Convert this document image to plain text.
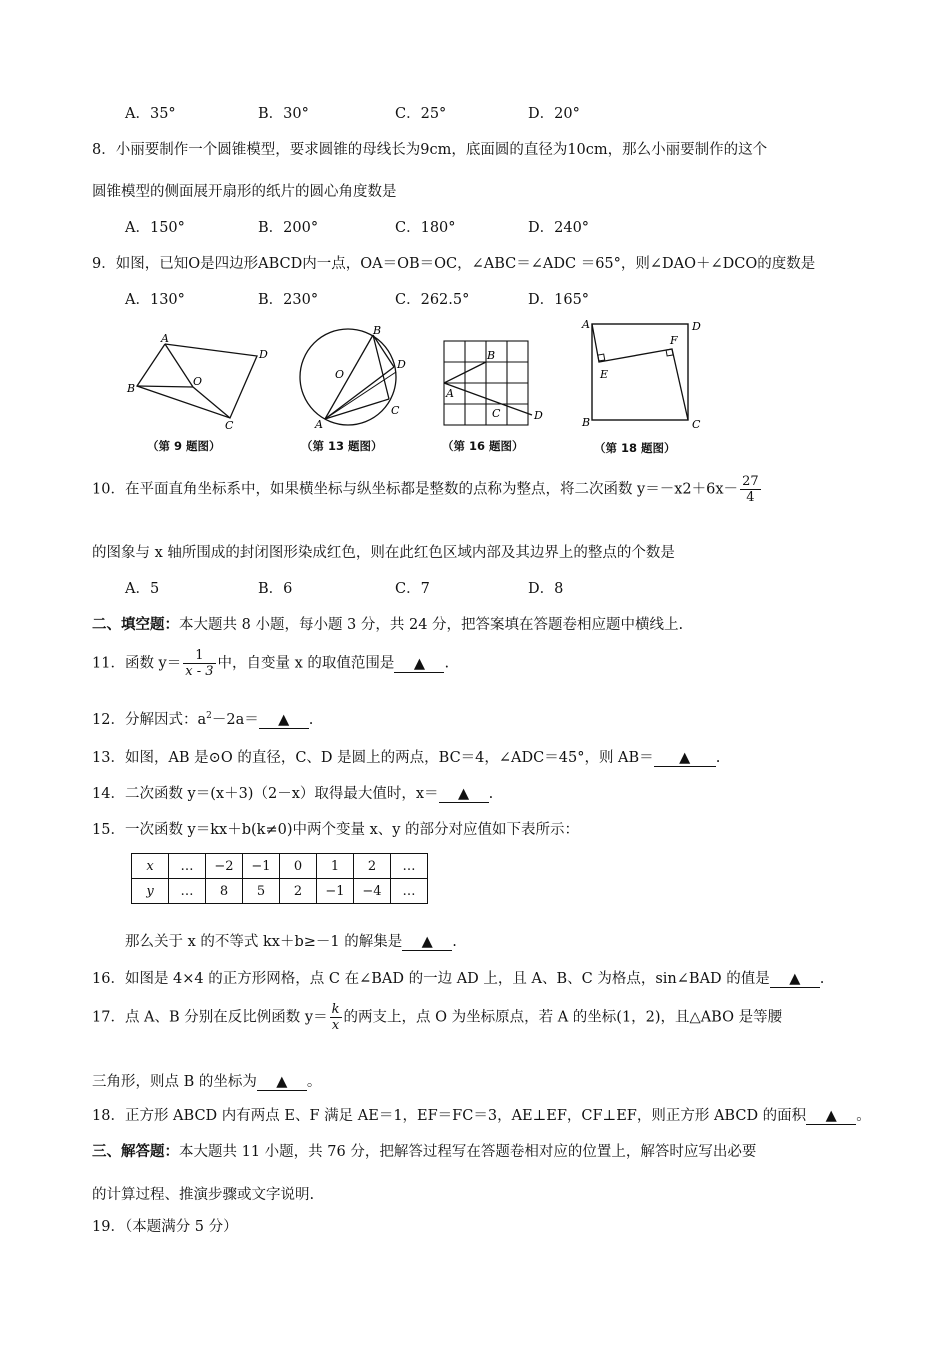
A．35°	B．30°	C．25°	D．20°
8．小丽要制作一个圆锥模型，要求圆锥的母线长为9cm，底面圆的直径为10cm，那么小丽要制作的这个
圆锥模型的侧面展开扇形的纸片的圆心角度数是
A．150°	B．200°	C．180°	D．240°
9．如图，已知O是四边形ABCD内一点，OA＝OB＝OC，∠ABC＝∠ADC ＝65°，则∠DAO＋∠DCO的度数是
A．130°	B．230°	C．262.5°	D．165°
A
B
O
D
C
（第 9 题图）
B
O
D
A
C
（第 13 题图）
B
A
C	D
（第 16 题图）
A	D
F
E
B	C
（第 18 题图）
10．在平面直角坐标系中，如果横坐标与纵坐标都是整数的点称为整点，将二次函数 $y=-x2+6x- \frac{27}{4}$
的图象与 x 轴所围成的封闭图形染成红色，则在此红色区域内部及其边界上的整点的个数是
A．5	B．6	C．7	D．8
二、填空题：本大题共 8 小题，每小题 3 分，共 24 分，把答案填在答题卷相应题中横线上.
11．函数 $y= \frac{1}{x - 3}$ 中，自变量 x 的取值范围是 ▲ .
12．分解因式：$a^2-2a=$ ▲ .
13．如图，AB 是⊙O 的直径，C、D 是圆上的两点，BC＝4，∠ADC＝45°，则 AB＝ ▲ .
14．二次函数 y＝(x＋3)（2－x）取得最大值时，x＝ ▲ .
15．一次函数 y＝kx＋b(k≠0)中两个变量 x、y 的部分对应值如下表所示：
x	…	−2	−1	0	1	2	…
y	…	8	5	2	−1	−4	…
那么关于 x 的不等式 kx＋b≥－1 的解集是 ▲ .
16．如图是 4×4 的正方形网格，点 C 在∠BAD 的一边 AD 上，且 A、B、C 为格点，sin∠BAD 的值是 ▲ .
17．点 A、B 分别在反比例函数 $y= \frac{k}{x}$ 的两支上，点 O 为坐标原点，若 A 的坐标(1，2)，且△ABO 是等腰
三角形，则点 B 的坐标为 ▲ 。
18．正方形 ABCD 内有两点 E、F 满足 AE＝1，EF＝FC＝3，AE⊥EF，CF⊥EF，则正方形 ABCD 的面积 ▲ 。
三、解答题：本大题共 11 小题，共 76 分，把解答过程写在答题卷相对应的位置上，解答时应写出必要
的计算过程、推演步骤或文字说明.
19．（本题满分 5 分）
